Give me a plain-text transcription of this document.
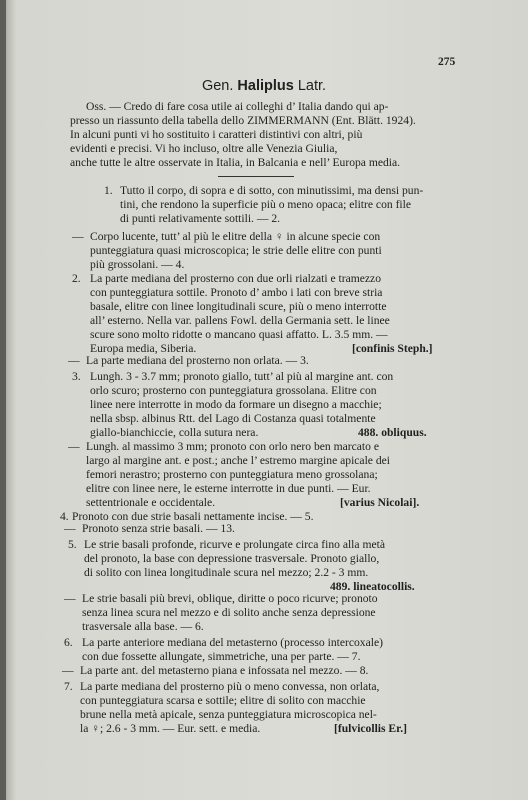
275
Gen. Haliplus Latr.
Oss. — Credo di fare cosa utile ai colleghi d’ Italia dando qui ap-
presso un riassunto della tabella dello ZIMMERMANN (Ent. Blätt. 1924).
In alcuni punti vi ho sostituito i caratteri distintivi con altri, più
evidenti e precisi. Vi ho incluso, oltre alle Venezia Giulia,
anche tutte le altre osservate in Italia, in Balcania e nell’ Europa media.
1. Tutto il corpo, di sopra e di sotto, con minutissimi, ma densi pun-
tini, che rendono la superficie più o meno opaca; elitre con file
di punti relativamente sottili. — 2.
— Corpo lucente, tutt’ al più le elitre della ♀ in alcune specie con
punteggiatura quasi microscopica; le strie delle elitre con punti
più grossolani. — 4.
2. La parte mediana del prosterno con due orli rialzati e tramezzo
con punteggiatura sottile. Pronoto d’ ambo i lati con breve stria
basale, elitre con linee longitudinali scure, più o meno interrotte
all’ esterno. Nella var. pallens Fowl. della Germania sett. le linee
scure sono molto ridotte o mancano quasi affatto. L. 3.5 mm. —
Europa media, Siberia.	[confinis Steph.]
— La parte mediana del prosterno non orlata. — 3.
3. Lungh. 3 - 3.7 mm; pronoto giallo, tutt’ al più al margine ant. con
orlo scuro; prosterno con punteggiatura grossolana. Elitre con
linee nere interrotte in modo da formare un disegno a macchie;
nella sbsp. albinus Rtt. del Lago di Costanza quasi totalmente
giallo-bianchiccie, colla sutura nera.	488. obliquus.
— Lungh. al massimo 3 mm; pronoto con orlo nero ben marcato e
largo al margine ant. e post.; anche l’ estremo margine apicale dei
femori nerastro; prosterno con punteggiatura meno grossolana;
elitre con linee nere, le esterne interrotte in due punti. — Eur.
settentrionale e occidentale.	[varius Nicolai].
4. Pronoto con due strie basali nettamente incise. — 5.
— Pronoto senza strie basali. — 13.
5. Le strie basali profonde, ricurve e prolungate circa fino alla metà
del pronoto, la base con depressione trasversale. Pronoto giallo,
di solito con linea longitudinale scura nel mezzo; 2.2 - 3 mm.
489. lineatocollis.
— Le strie basali più brevi, oblique, diritte o poco ricurve; pronoto
senza linea scura nel mezzo e di solito anche senza depressione
trasversale alla base. — 6.
6. La parte anteriore mediana del metasterno (processo intercoxale)
con due fossette allungate, simmetriche, una per parte. — 7.
— La parte ant. del metasterno piana e infossata nel mezzo. — 8.
7. La parte mediana del prosterno più o meno convessa, non orlata,
con punteggiatura scarsa e sottile; elitre di solito con macchie
brune nella metà apicale, senza punteggiatura microscopica nel-
la ♀; 2.6 - 3 mm. — Eur. sett. e media.	[fulvicollis Er.]
